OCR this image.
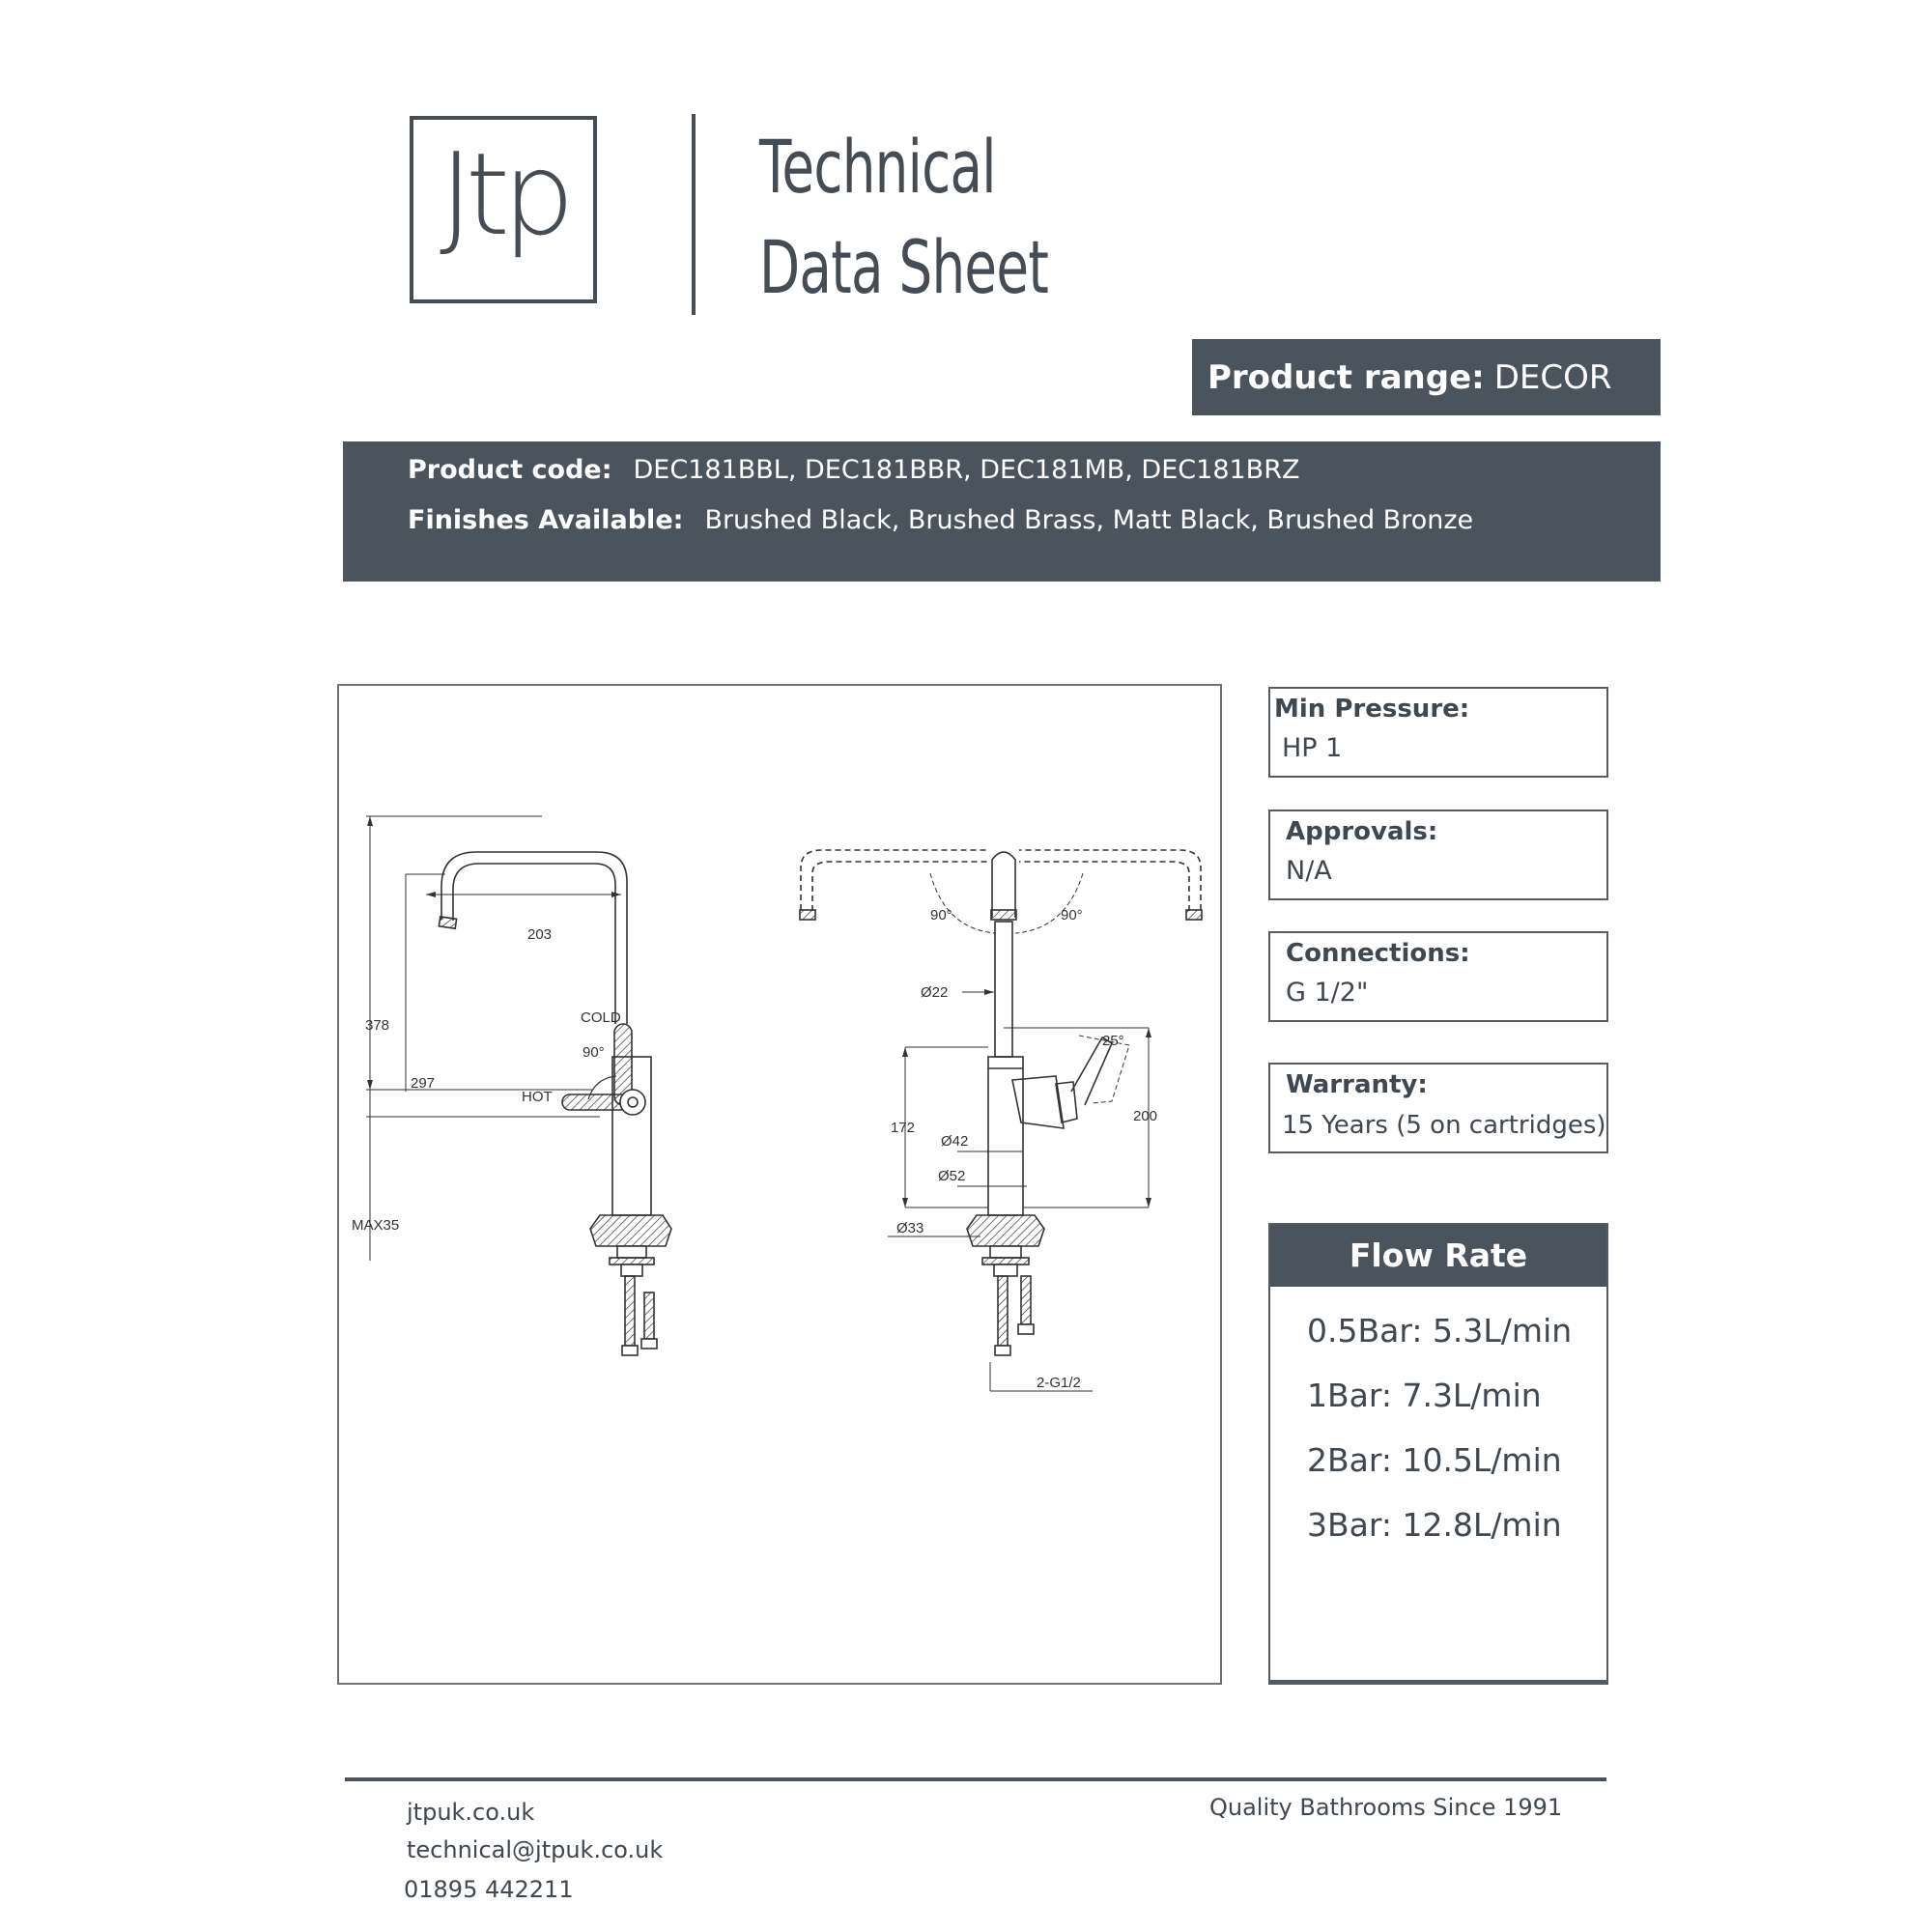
Jtp	Technical
Data Sheet
Product range: DECOR
Product code: DEC181BBL, DEC181BBR, DEC181MB, DEC181BRZ
Finishes Available: Brushed Black, Brushed Brass, Matt Black, Brushed Bronze
203
378
297
MAX35
COLD
90°
HOT
90°	90°
Ø22
172
Ø42
Ø52
Ø33
25°
200
2-G1/2
Min Pressure:
HP 1
Approvals:
N/A
Connections:
G 1/2"
Warranty:
15 Years (5 on cartridges)
Flow Rate
0.5Bar: 5.3L/min
1Bar: 7.3L/min
2Bar: 10.5L/min
3Bar: 12.8L/min
jtpuk.co.uk
technical@jtpuk.co.uk
01895 442211
Quality Bathrooms Since 1991
